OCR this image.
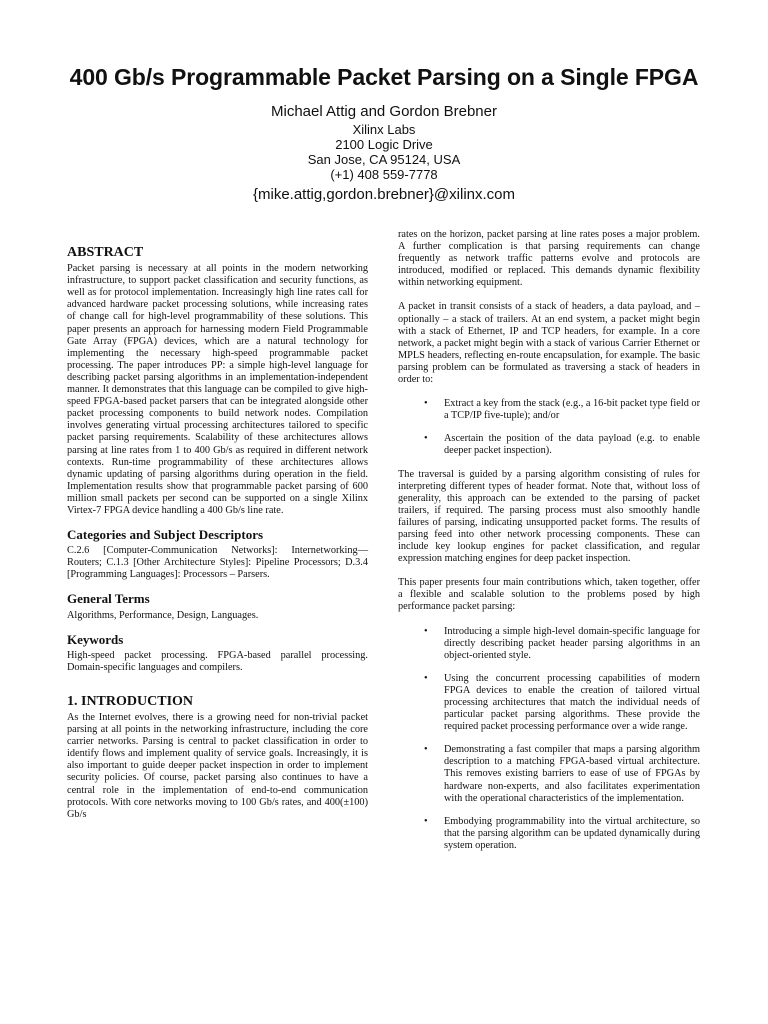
400 Gb/s Programmable Packet Parsing on a Single FPGA
Michael Attig and Gordon Brebner
Xilinx Labs
2100 Logic Drive
San Jose, CA 95124, USA
(+1) 408 559-7778
{mike.attig,gordon.brebner}@xilinx.com
ABSTRACT

Packet parsing is necessary at all points in the modern networking infrastructure, to support packet classification and security functions, as well as for protocol implementation. Increasingly high line rates call for advanced hardware packet processing solutions, while increasing rates of change call for high-level programmability of these solutions. This paper presents an approach for harnessing modern Field Programmable Gate Array (FPGA) devices, which are a natural technology for implementing the necessary high-speed programmable packet processing. The paper introduces PP: a simple high-level language for describing packet parsing algorithms in an implementation-independent manner. It demonstrates that this language can be compiled to give high-speed FPGA-based packet parsers that can be integrated alongside other packet processing components to build network nodes. Compilation involves generating virtual processing architectures tailored to specific packet parsing requirements. Scalability of these architectures allows parsing at line rates from 1 to 400 Gb/s as required in different network contexts. Run-time programmability of these architectures allows dynamic updating of parsing algorithms during operation in the field. Implementation results show that programmable packet parsing of 600 million small packets per second can be supported on a single Xilinx Virtex-7 FPGA device handling a 400 Gb/s line rate.

Categories and Subject Descriptors

C.2.6 [Computer-Communication Networks]: Internetworking—Routers; C.1.3 [Other Architecture Styles]: Pipeline Processors; D.3.4 [Programming Languages]: Processors – Parsers.

General Terms

Algorithms, Performance, Design, Languages.

Keywords

High-speed packet processing. FPGA-based parallel processing. Domain-specific languages and compilers.

1. INTRODUCTION

As the Internet evolves, there is a growing need for non-trivial packet parsing at all points in the networking infrastructure, including the core carrier networks. Parsing is central to packet classification in order to identify flows and implement quality of service goals. Increasingly, it is also important to guide deeper packet inspection in order to implement security policies. Of course, packet parsing also continues to have a central role in the implementation of end-to-end communication protocols. With core networks moving to 100 Gb/s rates, and 400(±100) Gb/s

rates on the horizon, packet parsing at line rates poses a major problem. A further complication is that parsing requirements can change frequently as network traffic patterns evolve and protocols are introduced, modified or replaced. This demands dynamic flexibility within networking equipment.

A packet in transit consists of a stack of headers, a data payload, and – optionally – a stack of trailers. At an end system, a packet might begin with a stack of Ethernet, IP and TCP headers, for example. In a core network, a packet might begin with a stack of various Carrier Ethernet or MPLS headers, reflecting en-route encapsulation, for example. The basic parsing problem can be formulated as traversing a stack of headers in order to:

• Extract a key from the stack (e.g., a 16-bit packet type field or a TCP/IP five-tuple); and/or
• Ascertain the position of the data payload (e.g. to enable deeper packet inspection).

The traversal is guided by a parsing algorithm consisting of rules for interpreting different types of header format. Note that, without loss of generality, this approach can be extended to the parsing of packet trailers, if required. The parsing process must also smoothly handle failures of parsing, indicating unsupported packet forms. The results of parsing feed into other network processing components. These can include key lookup engines for packet classification, and regular expression matching engines for deep packet inspection.

This paper presents four main contributions which, taken together, offer a flexible and scalable solution to the problems posed by high performance packet parsing:

• Introducing a simple high-level domain-specific language for directly describing packet header parsing algorithms in an object-oriented style.
• Using the concurrent processing capabilities of modern FPGA devices to enable the creation of tailored virtual processing architectures that match the individual needs of particular packet parsing algorithms. These provide the required packet processing performance over a wide range.
• Demonstrating a fast compiler that maps a parsing algorithm description to a matching FPGA-based virtual architecture. This removes existing barriers to ease of use of FPGAs by hardware non-experts, and also facilitates experimentation with the operational characteristics of the implementation.
• Embodying programmability into the virtual architecture, so that the parsing algorithm can be updated dynamically during system operation.
